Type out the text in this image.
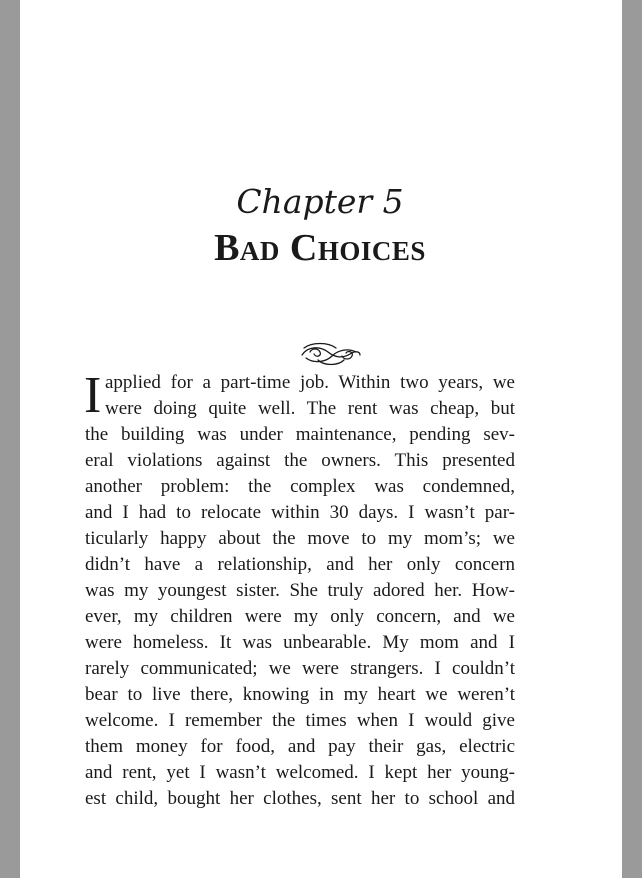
Chapter 5
Bad Choices
I applied for a part-time job. Within two years, we
were doing quite well. The rent was cheap, but
the building was under maintenance, pending sev-
eral violations against the owners. This presented
another problem: the complex was condemned,
and I had to relocate within 30 days. I wasn’t par-
ticularly happy about the move to my mom’s; we
didn’t have a relationship, and her only concern
was my youngest sister. She truly adored her. How-
ever, my children were my only concern, and we
were homeless. It was unbearable. My mom and I
rarely communicated; we were strangers. I couldn’t
bear to live there, knowing in my heart we weren’t
welcome. I remember the times when I would give
them money for food, and pay their gas, electric
and rent, yet I wasn’t welcomed. I kept her young-
est child, bought her clothes, sent her to school and
